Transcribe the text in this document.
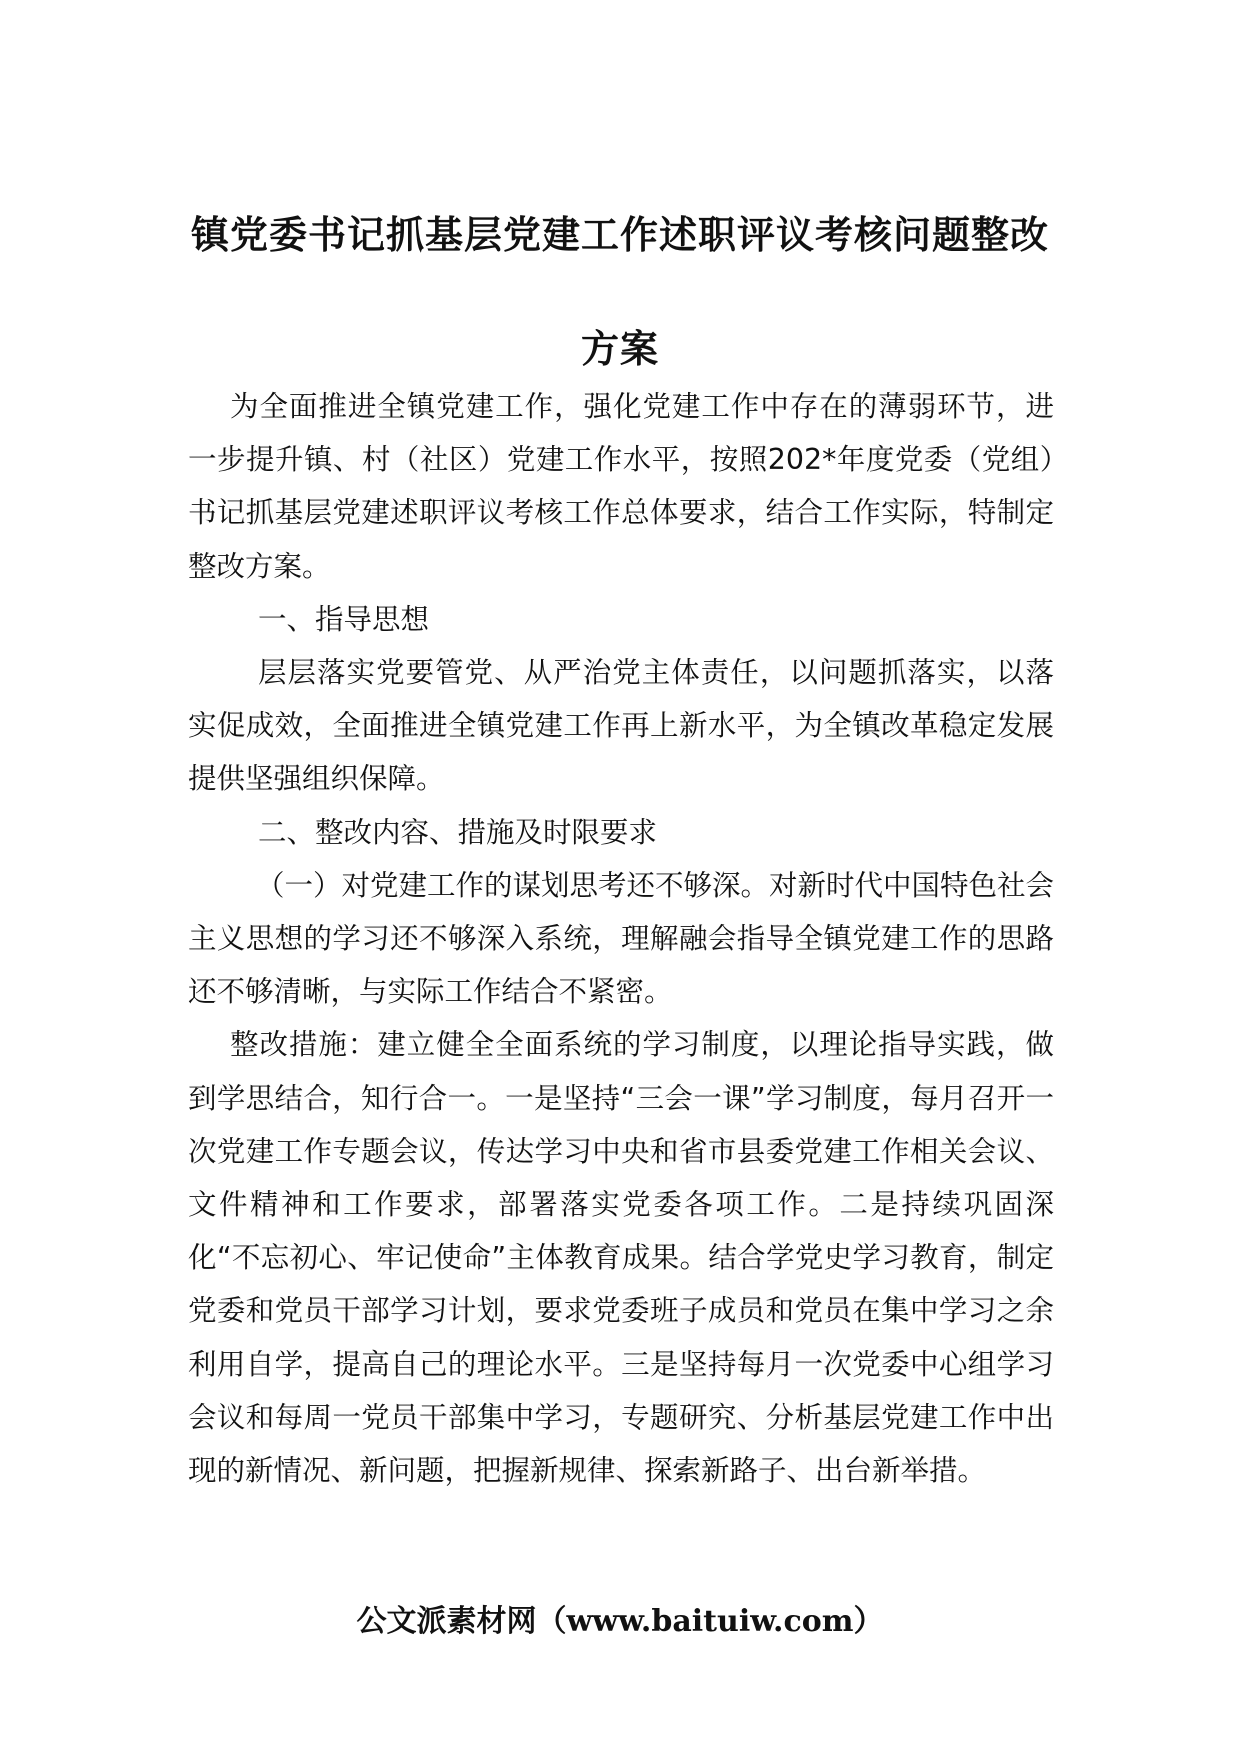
镇党委书记抓基层党建工作述职评议考核问题整改方案

为全面推进全镇党建工作，强化党建工作中存在的薄弱环节，进一步提升镇、村（社区）党建工作水平，按照202*年度党委（党组）书记抓基层党建述职评议考核工作总体要求，结合工作实际，特制定整改方案。

一、指导思想

层层落实党要管党、从严治党主体责任，以问题抓落实，以落实促成效，全面推进全镇党建工作再上新水平，为全镇改革稳定发展提供坚强组织保障。

二、整改内容、措施及时限要求

（一）对党建工作的谋划思考还不够深。对新时代中国特色社会主义思想的学习还不够深入系统，理解融会指导全镇党建工作的思路还不够清晰，与实际工作结合不紧密。

整改措施：建立健全全面系统的学习制度，以理论指导实践，做到学思结合，知行合一。一是坚持“三会一课”学习制度，每月召开一次党建工作专题会议，传达学习中央和省市县委党建工作相关会议、文件精神和工作要求，部署落实党委各项工作。二是持续巩固深化“不忘初心、牢记使命”主体教育成果。结合学党史学习教育，制定党委和党员干部学习计划，要求党委班子成员和党员在集中学习之余利用自学，提高自己的理论水平。三是坚持每月一次党委中心组学习会议和每周一党员干部集中学习，专题研究、分析基层党建工作中出现的新情况、新问题，把握新规律、探索新路子、出台新举措。

公文派素材网（www.baituiw.com）
